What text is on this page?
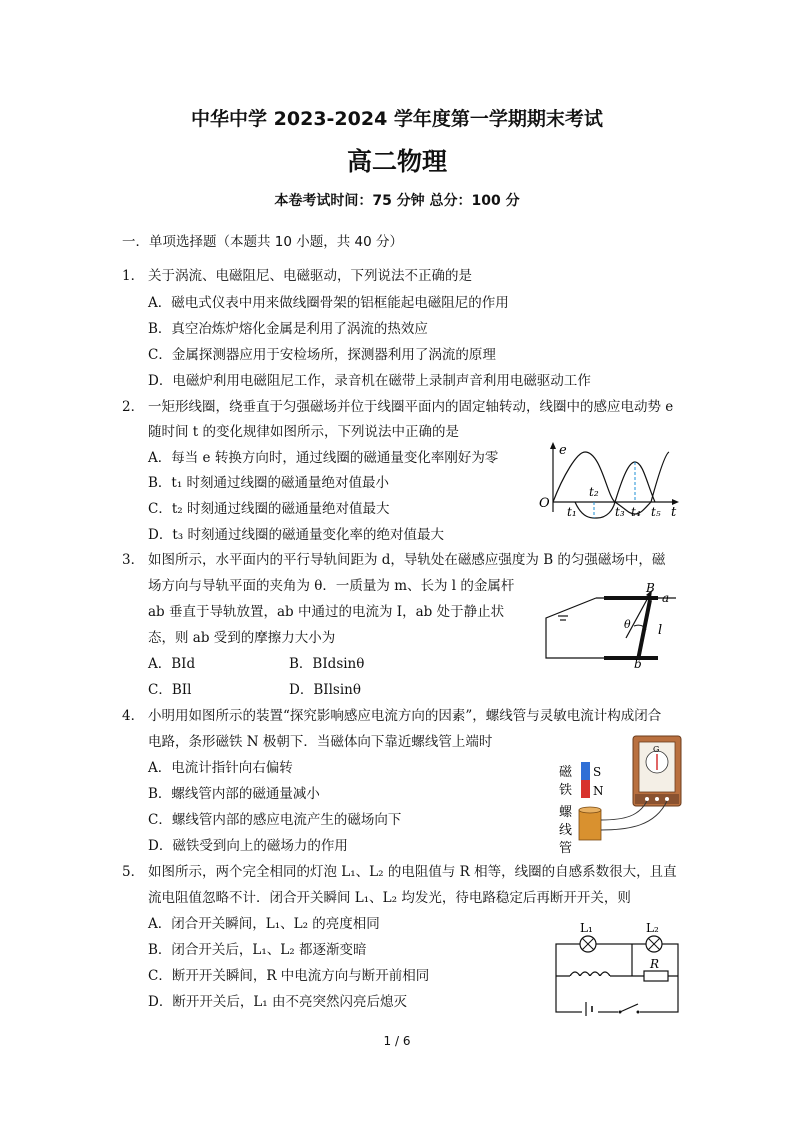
中华中学 2023-2024 学年度第一学期期末考试
高二物理
本卷考试时间：75 分钟 总分：100 分
一．单项选择题（本题共 10 小题，共 40 分）
1． 关于涡流、电磁阻尼、电磁驱动，下列说法不正确的是
A．磁电式仪表中用来做线圈骨架的铝框能起电磁阻尼的作用
B．真空冶炼炉熔化金属是利用了涡流的热效应
C．金属探测器应用于安检场所，探测器利用了涡流的原理
D．电磁炉利用电磁阻尼工作，录音机在磁带上录制声音利用电磁驱动工作
2． 一矩形线圈，绕垂直于匀强磁场并位于线圈平面内的固定轴转动，线圈中的感应电动势 e
随时间 t 的变化规律如图所示，下列说法中正确的是
A．每当 e 转换方向时，通过线圈的磁通量变化率刚好为零
B．t₁ 时刻通过线圈的磁通量绝对值最小
C．t₂ 时刻通过线圈的磁通量绝对值最大
D．t₃ 时刻通过线圈的磁通量变化率的绝对值最大
e
O
t
t₁
t₂
t₃ t₄ t₅
3． 如图所示，水平面内的平行导轨间距为 d，导轨处在磁感应强度为 B 的匀强磁场中，磁
场方向与导轨平面的夹角为 θ．一质量为 m、长为 l 的金属杆
ab 垂直于导轨放置，ab 中通过的电流为 I，ab 处于静止状
态，则 ab 受到的摩擦力大小为
A．BId	B．BIdsinθ
C．BIl	D．BIlsinθ
B
a
b
θ l
4． 小明用如图所示的装置“探究影响感应电流方向的因素”，螺线管与灵敏电流计构成闭合
电路，条形磁铁 N 极朝下．当磁体向下靠近螺线管上端时
A．电流计指针向右偏转
B．螺线管内部的磁通量减小
C．螺线管内部的感应电流产生的磁场向下
D．磁铁受到向上的磁场力的作用
G
S
N
磁
铁
螺
线
管
5． 如图所示，两个完全相同的灯泡 L₁、L₂ 的电阻值与 R 相等，线圈的自感系数很大，且直
流电阻值忽略不计．闭合开关瞬间 L₁、L₂ 均发光，待电路稳定后再断开开关，则
A．闭合开关瞬间，L₁、L₂ 的亮度相同
B．闭合开关后，L₁、L₂ 都逐渐变暗
C．断开开关瞬间，R 中电流方向与断开前相同
D．断开开关后，L₁ 由不亮突然闪亮后熄灭
L₁	L₂
R
1 / 6
